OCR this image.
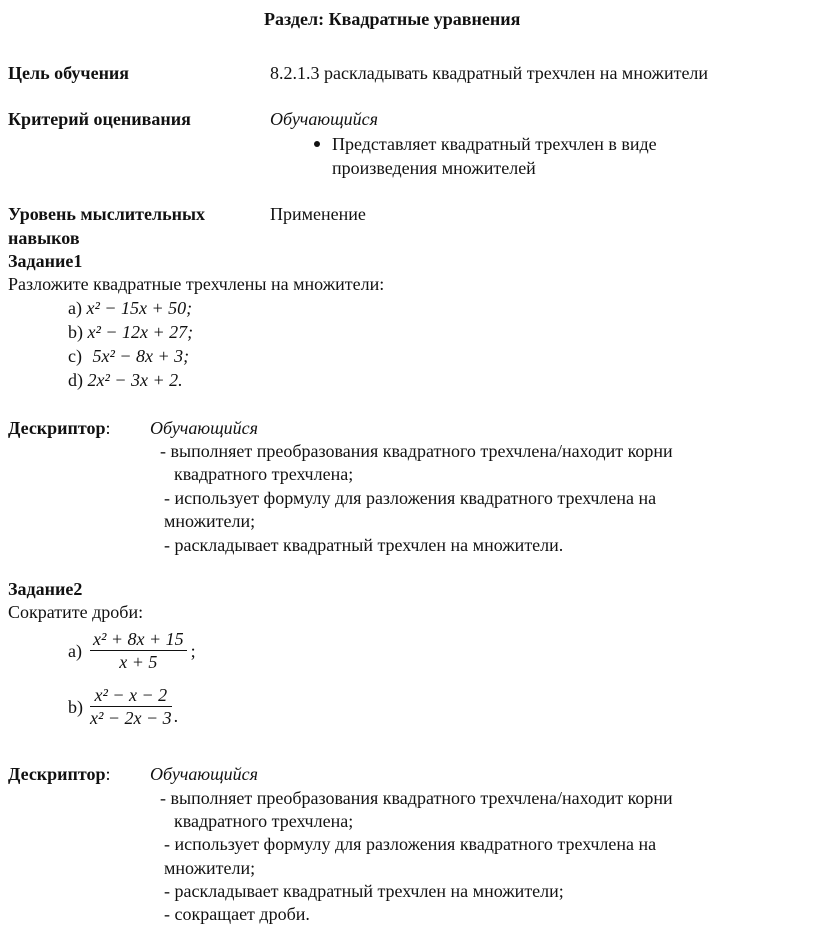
Раздел: Квадратные уравнения
Цель обучения	8.2.1.3 раскладывать квадратный трехчлен на множители
Критерий оценивания	Обучающийся
Представляет квадратный трехчлен в виде
произведения множителей
Уровень мыслительных
навыков
Применение
Задание1
Разложите квадратные трехчлены на множители:
a) x² − 15x + 50;
b) x² − 12x + 27;
c) 5x² − 8x + 3;
d) 2x² − 3x + 2.
Дескриптор: Обучающийся
- выполняет преобразования квадратного трехчлена/находит корни
квадратного трехчлена;
- использует формулу для разложения квадратного трехчлена на
множители;
- раскладывает квадратный трехчлен на множители.
Задание2
Сократите дроби:
$a) \frac{\text{x² + 8x + 15}}{x + 5}$ ;
$b) \frac{\text{x² − x − 2}}{\text{x² − 2x − 3}}$ .
Дескриптор: Обучающийся
- выполняет преобразования квадратного трехчлена/находит корни
квадратного трехчлена;
- использует формулу для разложения квадратного трехчлена на
множители;
- раскладывает квадратный трехчлен на множители;
- сокращает дроби.
